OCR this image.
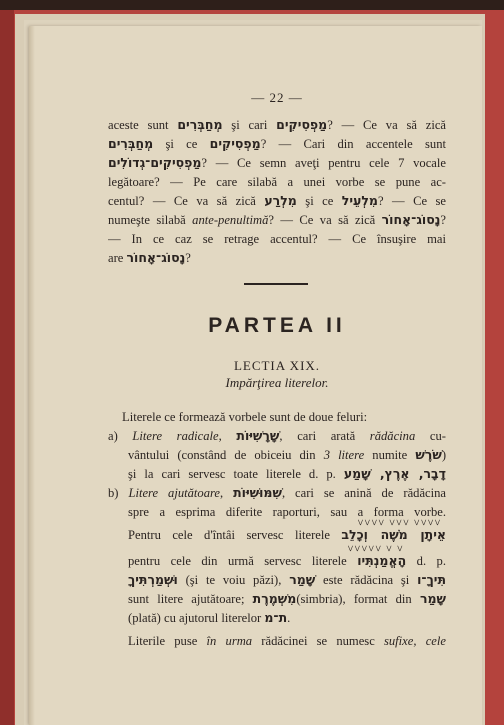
— 22 —
aceste sunt מְחַבְּרִים şi cari מַפְסִיקִים? — Ce va să zică
מְחַבְּרִים şi ce מַפְסִיקִים? — Cari din accentele sunt
מַפְסִיקִים־גְדוֹלִים? — Ce semn aveţi pentru cele 7 vocale
legătoare? — Pe care silabă a unei vorbe se pune ac-
centul? — Ce va să zică מִלְרַע şi ce מִלְעֵיל? — Ce se
numeşte silabă ante-penultimă? — Ce va să zică נָסוֹג־אָחוֹר?
— In ce caz se retrage accentul? — Ce însuşire mai
are נָסוֹג־אָחוֹר?
PARTEA II
LECTIA XIX.
Impărţirea literelor.
Literele ce formează vorbele sunt de doue feluri:
a) Litere radicale, שָׁרָשִׁיּוֹת, cari arată rădăcina cu-
vântului (constând de obiceiu din 3 litere numite שֹׁרֶשׁ)
şi la cari servesc toate literele d. p. דָבָר, אֶרֶץ, שָׁמַע
b) Litere ajutătoare, שִׁמּוּשִׁיּוֹת, cari se anină de rădăcina
spre a esprima diferite raporturi, sau a forma vorbe.
⋁⋁⋁⋁ ⋁⋁⋁ ⋁⋁⋁⋁
Pentru cele d'întâi servesc literele אֵיתָן מֹשֶׁה וְכָלֵב
⋁⋁⋁⋁⋁ ⋁ ⋁
pentru cele din urmă servesc literele הָאֱמַנְתִּיו d. p.
וּשְׁמַרְתִּיךָ (şi te voiu păzi), שָׁמַר este rădăcina şi תִּיךָ־ו
sunt litere ajutătoare; מִשְׁמֶרֶת(simbria), format din שָׁמַר
(plată) cu ajutorul literelor ת־מ.
Literile puse în urma rădăcinei se numesc sufixe, cele
